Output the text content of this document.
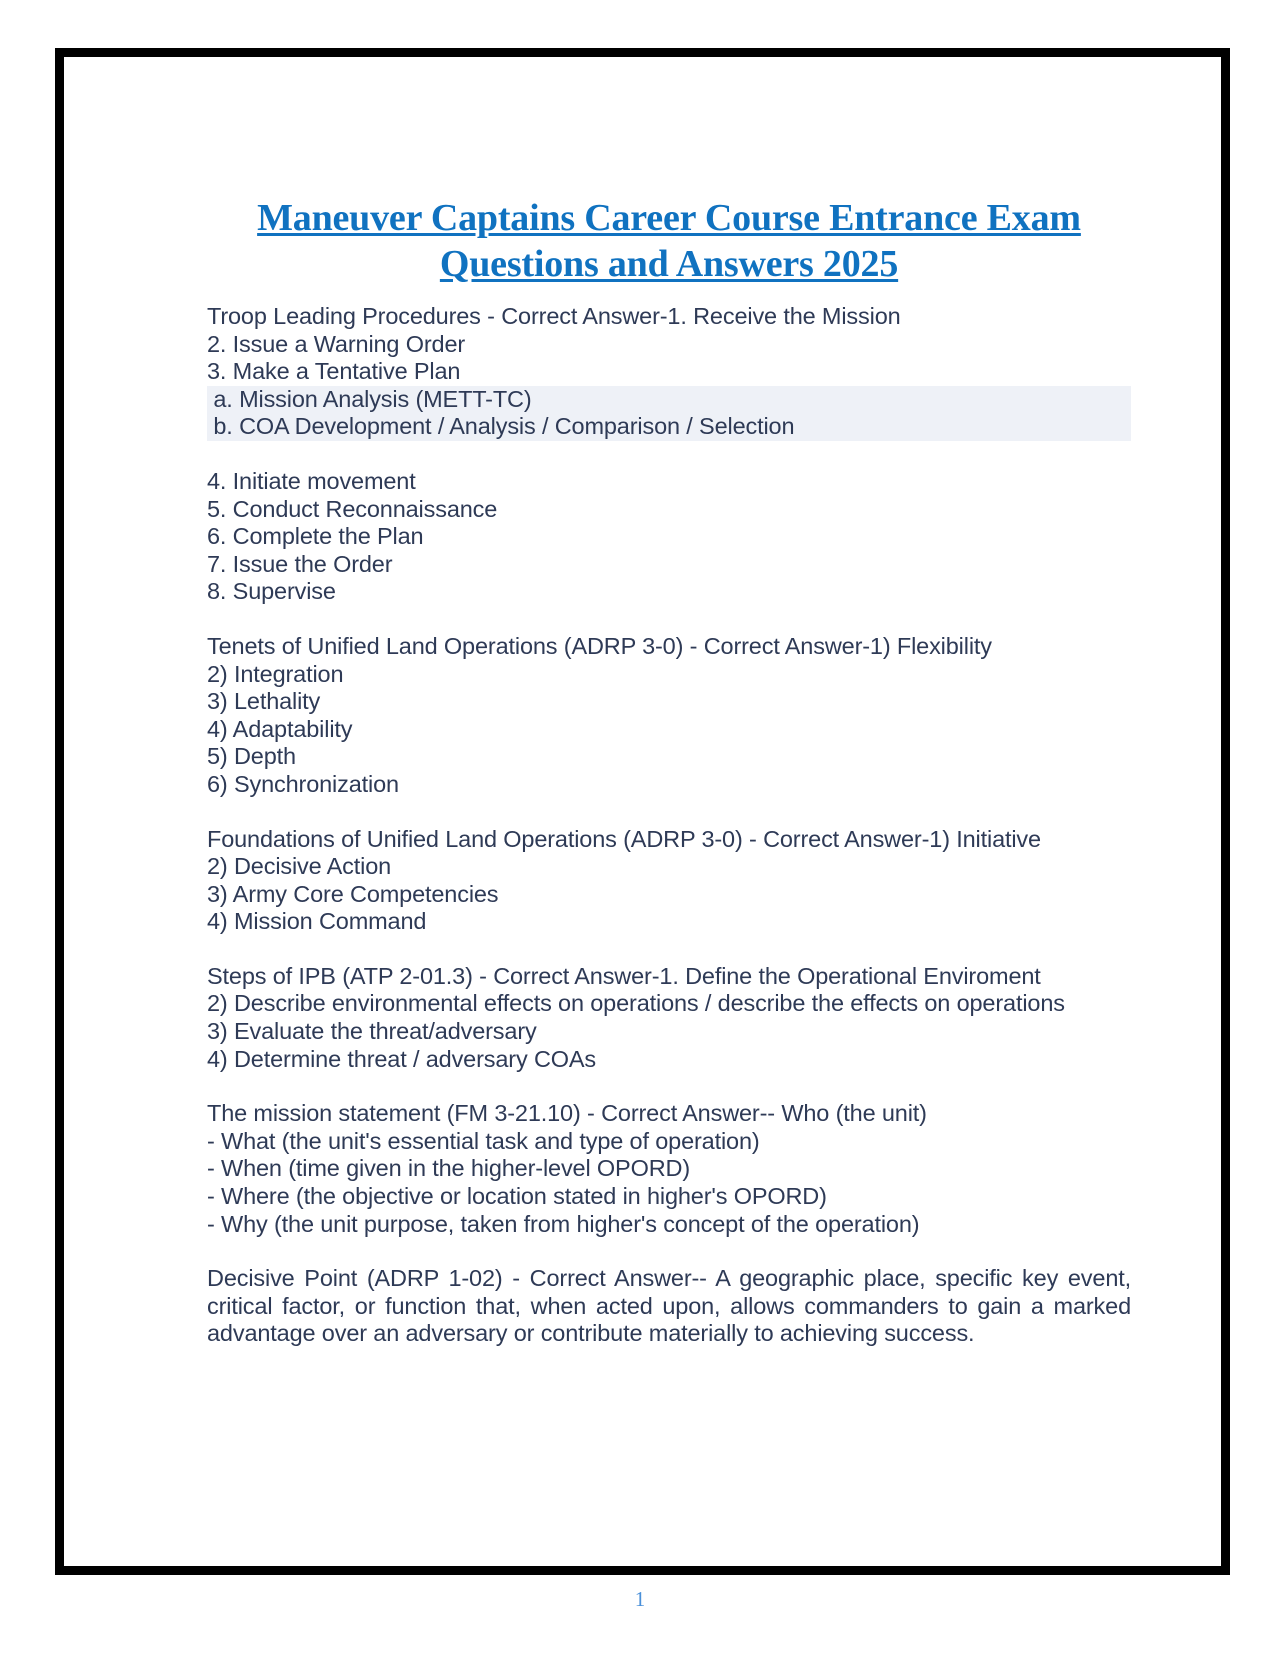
Maneuver Captains Career Course Entrance Exam
Questions and Answers 2025
Troop Leading Procedures - Correct Answer-1. Receive the Mission
2. Issue a Warning Order
3. Make a Tentative Plan
a. Mission Analysis (METT-TC)
b. COA Development / Analysis / Comparison / Selection
4. Initiate movement
5. Conduct Reconnaissance
6. Complete the Plan
7. Issue the Order
8. Supervise
Tenets of Unified Land Operations (ADRP 3-0) - Correct Answer-1) Flexibility
2) Integration
3) Lethality
4) Adaptability
5) Depth
6) Synchronization
Foundations of Unified Land Operations (ADRP 3-0) - Correct Answer-1) Initiative
2) Decisive Action
3) Army Core Competencies
4) Mission Command
Steps of IPB (ATP 2-01.3) - Correct Answer-1. Define the Operational Enviroment
2) Describe environmental effects on operations / describe the effects on operations
3) Evaluate the threat/adversary
4) Determine threat / adversary COAs
The mission statement (FM 3-21.10) - Correct Answer-- Who (the unit)
- What (the unit's essential task and type of operation)
- When (time given in the higher-level OPORD)
- Where (the objective or location stated in higher's OPORD)
- Why (the unit purpose, taken from higher's concept of the operation)
Decisive Point (ADRP 1-02) - Correct Answer-- A geographic place, specific key event, critical factor, or function that, when acted upon, allows commanders to gain a marked advantage over an adversary or contribute materially to achieving success.
1
